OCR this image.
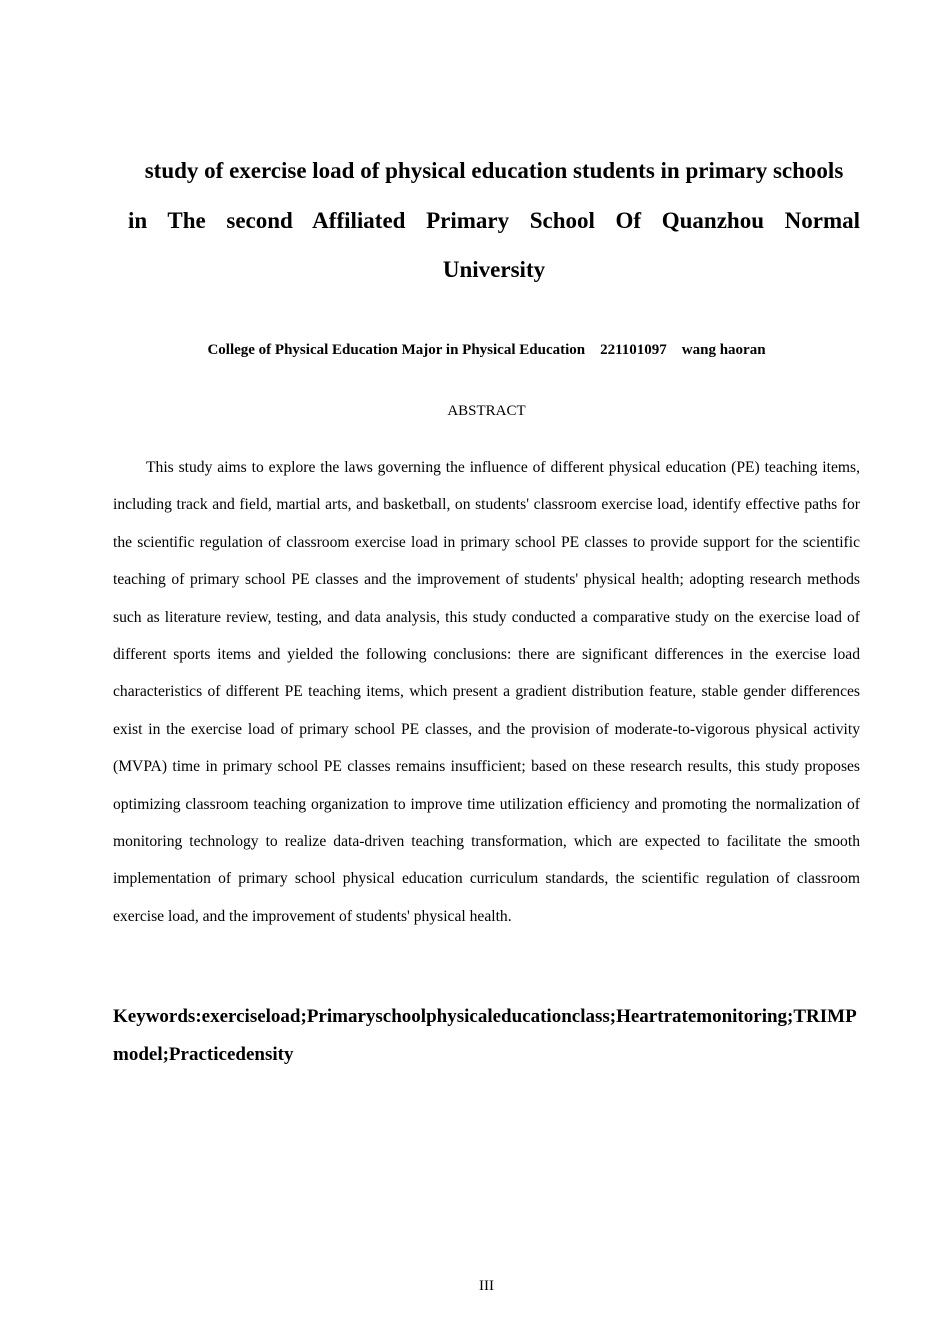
study of exercise load of physical education students in primary schools
in The second Affiliated Primary School Of Quanzhou Normal
University
College of Physical Education Major in Physical Education    221101097    wang haoran
ABSTRACT
This study aims to explore the laws governing the influence of different physical education (PE) teaching items, including track and field, martial arts, and basketball, on students' classroom exercise load, identify effective paths for the scientific regulation of classroom exercise load in primary school PE classes to provide support for the scientific teaching of primary school PE classes and the improvement of students' physical health; adopting research methods such as literature review, testing, and data analysis, this study conducted a comparative study on the exercise load of different sports items and yielded the following conclusions: there are significant differences in the exercise load characteristics of different PE teaching items, which present a gradient distribution feature, stable gender differences exist in the exercise load of primary school PE classes, and the provision of moderate-to-vigorous physical activity (MVPA) time in primary school PE classes remains insufficient; based on these research results, this study proposes optimizing classroom teaching organization to improve time utilization efficiency and promoting the normalization of monitoring technology to realize data-driven teaching transformation, which are expected to facilitate the smooth implementation of primary school physical education curriculum standards, the scientific regulation of classroom exercise load, and the improvement of students' physical health.
Keywords:exerciseload;Primaryschoolphysicaleducationclass;Heartratemonitoring;TRIMPmodel;Practicedensity
III
